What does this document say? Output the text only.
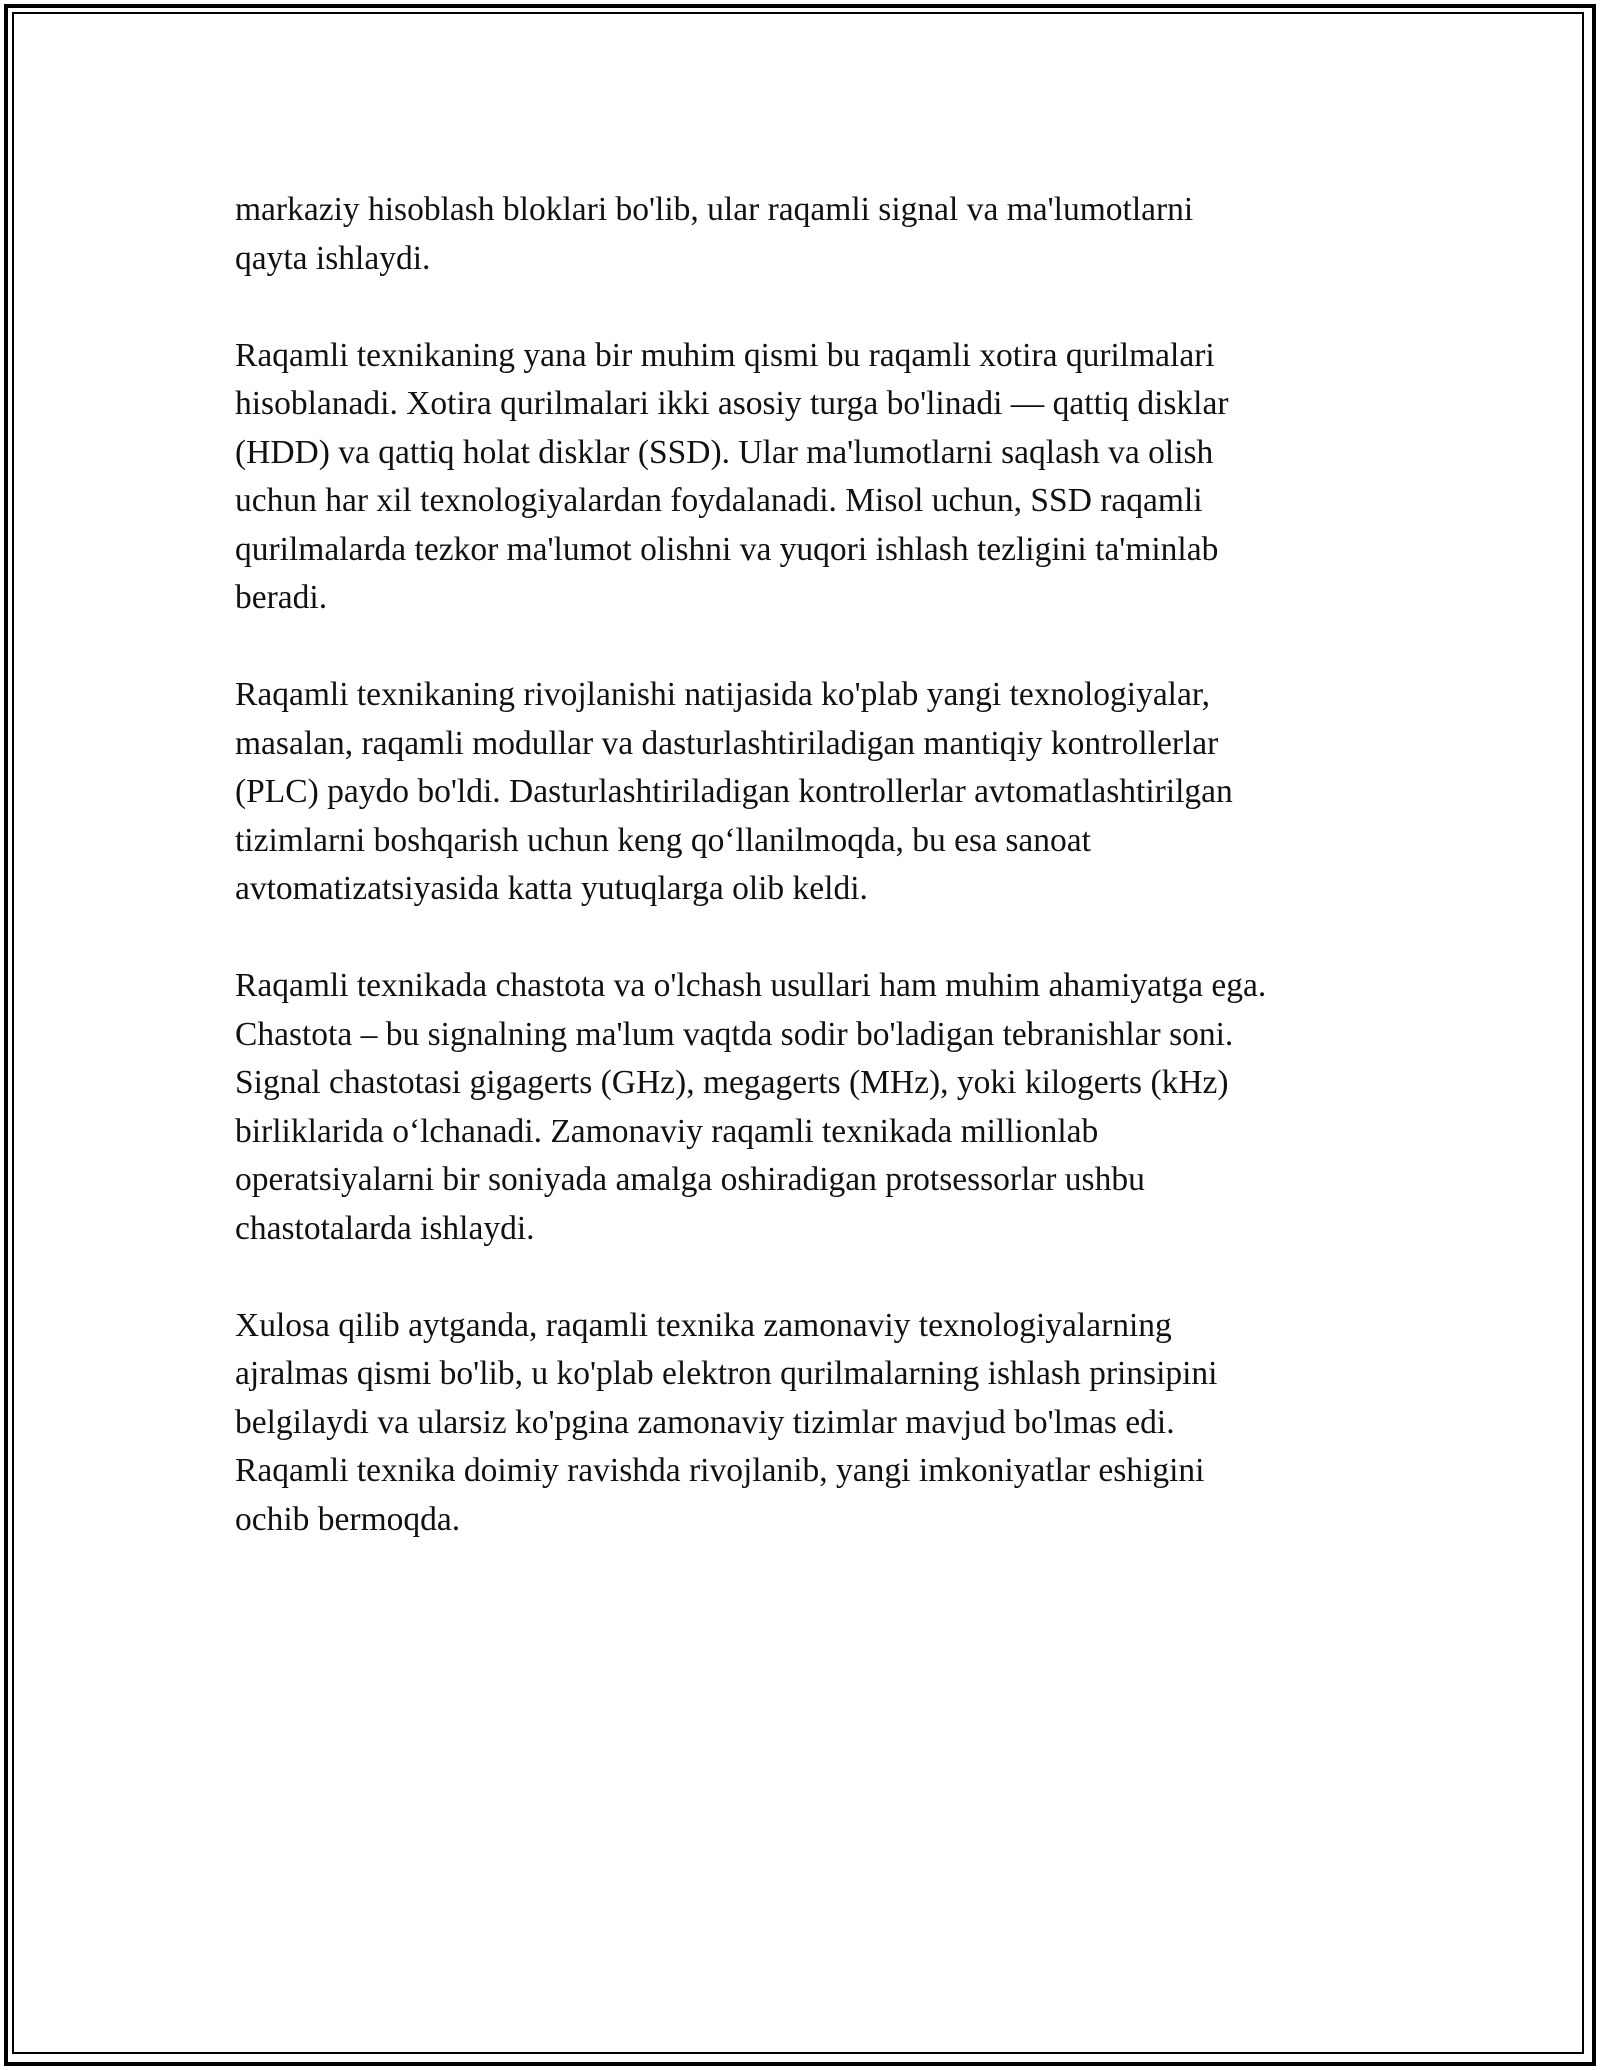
markaziy hisoblash bloklari bo'lib, ular raqamli signal va ma'lumotlarni
qayta ishlaydi.

Raqamli texnikaning yana bir muhim qismi bu raqamli xotira qurilmalari
hisoblanadi. Xotira qurilmalari ikki asosiy turga bo'linadi — qattiq disklar
(HDD) va qattiq holat disklar (SSD). Ular ma'lumotlarni saqlash va olish
uchun har xil texnologiyalardan foydalanadi. Misol uchun, SSD raqamli
qurilmalarda tezkor ma'lumot olishni va yuqori ishlash tezligini ta'minlab
beradi.

Raqamli texnikaning rivojlanishi natijasida ko'plab yangi texnologiyalar,
masalan, raqamli modullar va dasturlashtiriladigan mantiqiy kontrollerlar
(PLC) paydo bo'ldi. Dasturlashtiriladigan kontrollerlar avtomatlashtirilgan
tizimlarni boshqarish uchun keng qo‘llanilmoqda, bu esa sanoat
avtomatizatsiyasida katta yutuqlarga olib keldi.

Raqamli texnikada chastota va o'lchash usullari ham muhim ahamiyatga ega.
Chastota – bu signalning ma'lum vaqtda sodir bo'ladigan tebranishlar soni.
Signal chastotasi gigagerts (GHz), megagerts (MHz), yoki kilogerts (kHz)
birliklarida o‘lchanadi. Zamonaviy raqamli texnikada millionlab
operatsiyalarni bir soniyada amalga oshiradigan protsessorlar ushbu
chastotalarda ishlaydi.

Xulosa qilib aytganda, raqamli texnika zamonaviy texnologiyalarning
ajralmas qismi bo'lib, u ko'plab elektron qurilmalarning ishlash prinsipini
belgilaydi va ularsiz ko'pgina zamonaviy tizimlar mavjud bo'lmas edi.
Raqamli texnika doimiy ravishda rivojlanib, yangi imkoniyatlar eshigini
ochib bermoqda.
